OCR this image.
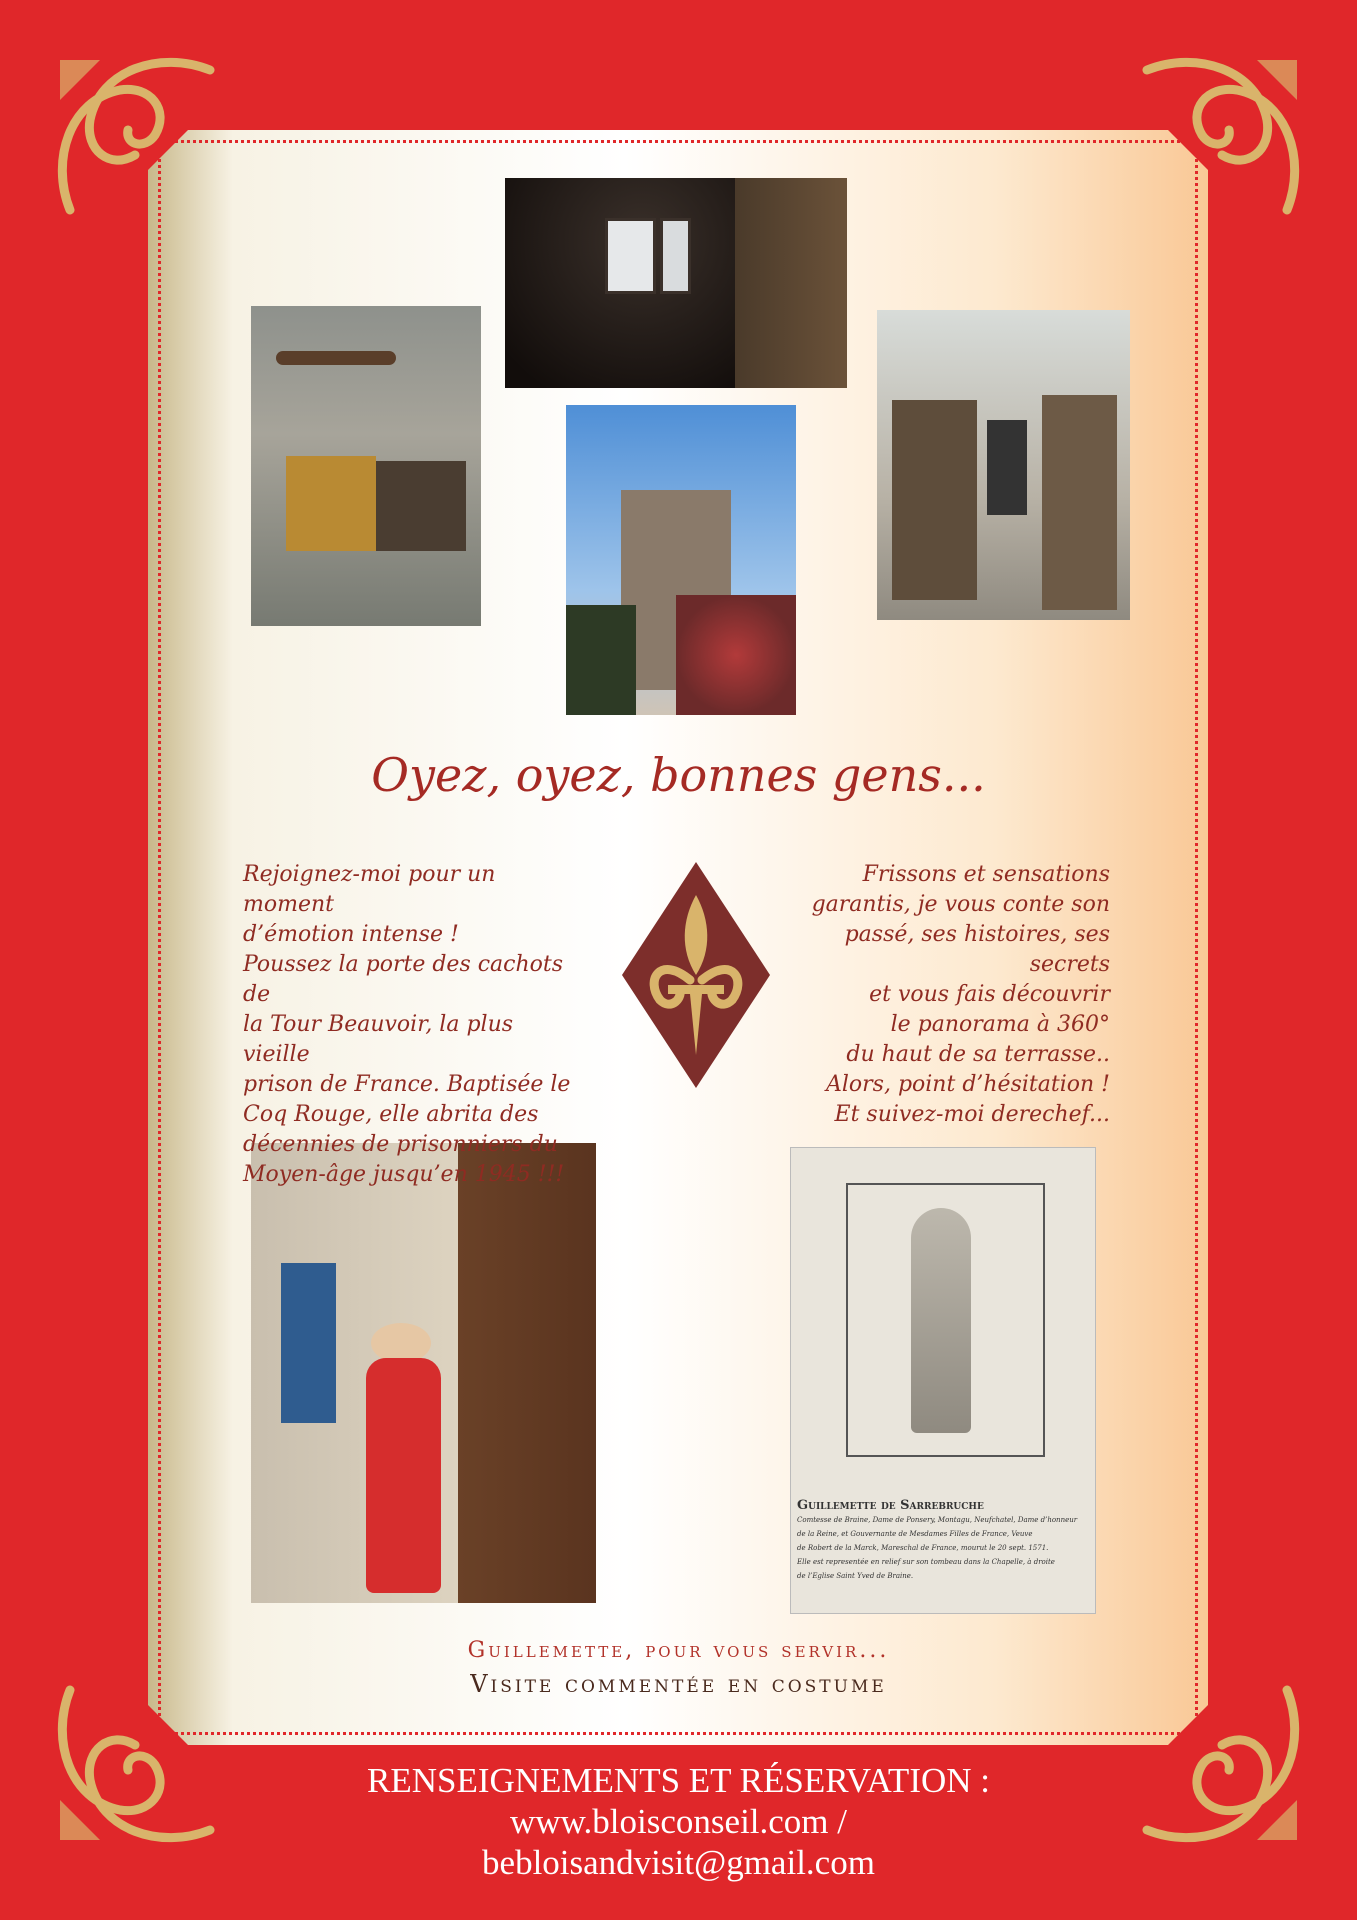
Guillemette de Sarrebruche
Comtesse de Braine, Dame de Ponsery, Montagu, Neufchatel, Dame d’honneur
de la Reine, et Gouvernante de Mesdames Filles de France, Veuve
de Robert de la Marck, Mareschal de France, mourut le 20 sept. 1571.
Elle est representée en relief sur son tombeau dans la Chapelle, à droite
de l’Eglise Saint Yved de Braine.
Oyez, oyez, bonnes gens...

Rejoignez-moi pour un moment

d’émotion intense !

Poussez la porte des cachots de

la Tour Beauvoir, la plus vieille

prison de France. Baptisée le

Coq Rouge, elle abrita des

décennies de prisonniers du

Moyen-âge jusqu’en 1945 !!!

Frissons et sensations

garantis, je vous conte son

passé, ses histoires, ses secrets

et vous fais découvrir

le panorama à 360°

du haut de sa terrasse..

Alors, point d’hésitation !

Et suivez-moi derechef...

Guillemette, pour vous servir...
Visite commentée en costume
RENSEIGNEMENTS ET RÉSERVATION :
www.bloisconseil.com /
bebloisandvisit@gmail.com
